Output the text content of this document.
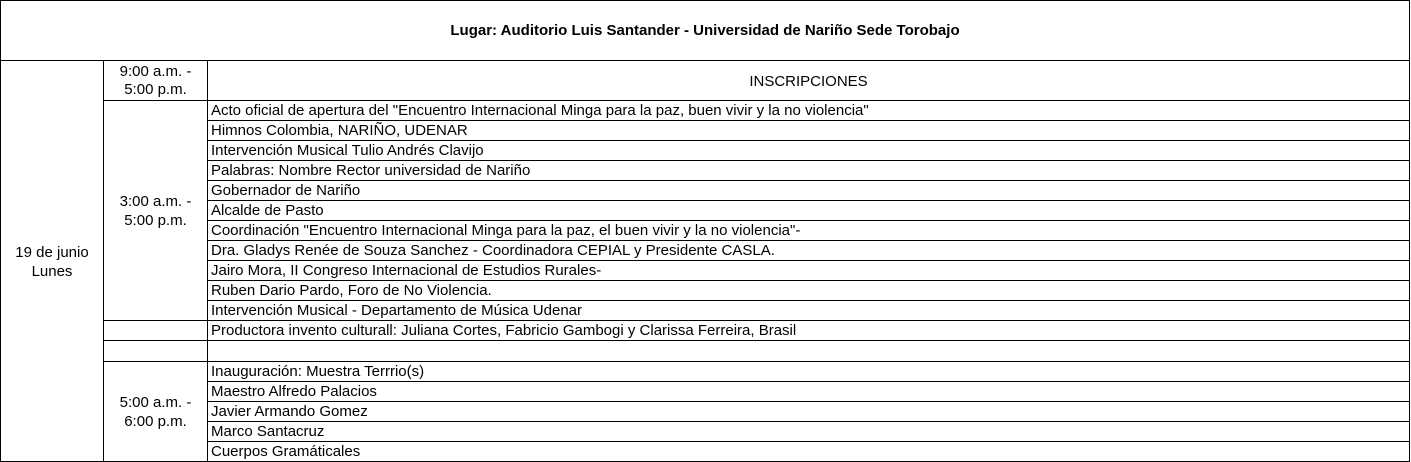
Lugar: Auditorio Luis Santander - Universidad de Nariño Sede Torobajo
19 de junio
Lunes
9:00 a.m. -
5:00 p.m.	INSCRIPCIONES
3:00 a.m. -
5:00 p.m.
Acto oficial de apertura del "Encuentro Internacional Minga para la paz, buen vivir y la no violencia"
Himnos Colombia, NARIÑO, UDENAR
Intervención Musical Tulio Andrés Clavijo
Palabras: Nombre Rector universidad de Nariño
Gobernador de Nariño
Alcalde de Pasto
Coordinación "Encuentro Internacional Minga para la paz, el buen vivir y la no violencia"-
Dra. Gladys Renée de Souza Sanchez - Coordinadora CEPIAL y Presidente CASLA.
Jairo Mora, II Congreso Internacional de Estudios Rurales-
Ruben Dario Pardo, Foro de No Violencia.
Intervención Musical - Departamento de Música Udenar
Productora invento culturall: Juliana Cortes, Fabricio Gambogi y Clarissa Ferreira, Brasil
5:00 a.m. -
6:00 p.m.
Inauguración: Muestra Terrrio(s)
Maestro Alfredo Palacios
Javier Armando Gomez
Marco Santacruz
Cuerpos Gramáticales
